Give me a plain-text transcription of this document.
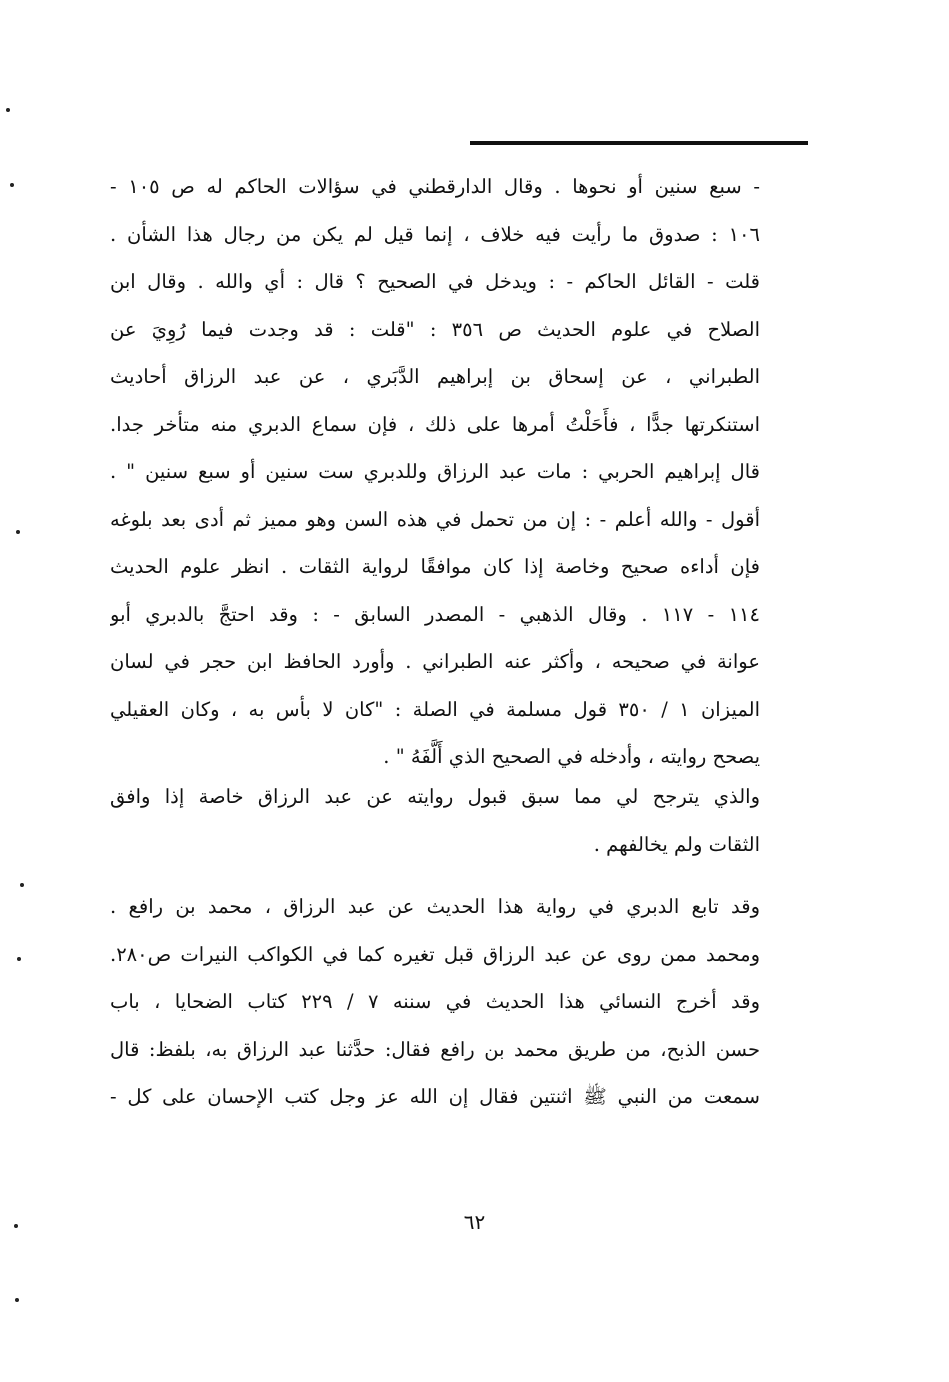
- سبع سنين أو نحوها . وقال الدارقطني في سؤالات الحاكم له ص ١٠٥ -
١٠٦ : صدوق ما رأيت فيه خلاف ، إنما قيل لم يكن من رجال هذا الشأن .
قلت - القائل الحاكم - : ويدخل في الصحيح ؟ قال : أي والله . وقال ابن
الصلاح في علوم الحديث ص ٣٥٦ : "قلت : قد وجدت فيما رُوِيَ عن
الطبراني ، عن إسحاق بن إبراهيم الدَّبَري ، عن عبد الرزاق أحاديث
استنكرتها جدًّا ، فأَحَلْتُ أمرها على ذلك ، فإن سماع الدبري منه متأخر جدا.
قال إبراهيم الحربي : مات عبد الرزاق وللدبري ست سنين أو سبع سنين " .
أقول - والله أعلم - : إن من تحمل في هذه السن وهو مميز ثم أدى بعد بلوغه
فإن أداءه صحيح وخاصة إذا كان موافقًا لرواية الثقات . انظر علوم الحديث
١١٤ - ١١٧ . وقال الذهبي - المصدر السابق - : وقد احتجَّ بالدبري أبو
عوانة في صحيحه ، وأكثر عنه الطبراني . وأورد الحافظ ابن حجر في لسان
الميزان ١ / ٣٥٠ قول مسلمة في الصلة : "كان لا بأس به ، وكان العقيلي
يصحح روايته ، وأدخله في الصحيح الذي أَلَّفَهُ " .
والذي يترجح لي مما سبق قبول روايته عن عبد الرزاق خاصة إذا وافق
الثقات ولم يخالفهم .
وقد تابع الدبري في رواية هذا الحديث عن عبد الرزاق ، محمد بن رافع .
ومحمد ممن روى عن عبد الرزاق قبل تغيره كما في الكواكب النيرات ص٢٨٠.
وقد أخرج النسائي هذا الحديث في سننه ٧ / ٢٢٩ كتاب الضحايا ، باب
حسن الذبح، من طريق محمد بن رافع فقال: حدَّثنا عبد الرزاق به، بلفظ: قال
سمعت من النبي ﷺ اثنتين فقال إن الله عز وجل كتب الإحسان على كل -
٦٢
